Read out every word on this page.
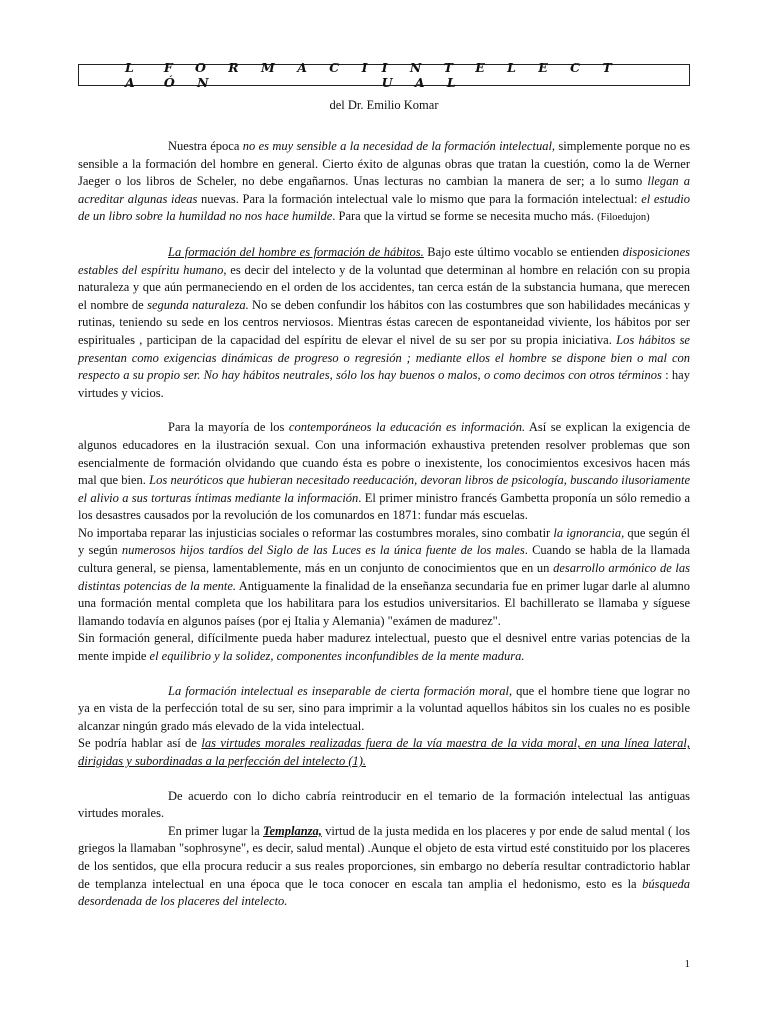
L A
F O R M A C I Ó N
I N T E L E C T U A L
del Dr. Emilio Komar

Nuestra época no es muy sensible a la necesidad de la formación intelectual, simplemente porque no es sensible a la formación del hombre en general. Cierto éxito de algunas obras que tratan la cuestión, como la de Werner Jaeger o los libros de Scheler, no debe engañarnos. Unas lecturas no cambian la manera de ser; a lo sumo llegan a acreditar algunas ideas nuevas. Para la formación intelectual vale lo mismo que para la formación intelectual: el estudio de un libro sobre la humildad no nos hace humilde. Para que la virtud se forme se necesita mucho más. (Filoedujon)

La formación del hombre es formación de hábitos. Bajo este último vocablo se entienden disposiciones estables del espíritu humano, es decir del intelecto y de la voluntad que determinan al hombre en relación con su propia naturaleza y que aún permaneciendo en el orden de los accidentes, tan cerca están de la substancia humana, que merecen el nombre de segunda naturaleza. No se deben confundir los hábitos con las costumbres que son habilidades mecánicas y rutinas, teniendo su sede en los centros nerviosos. Mientras éstas carecen de espontaneidad viviente, los hábitos por ser espirituales , participan de la capacidad del espíritu de elevar el nivel de su ser por su propia iniciativa. Los hábitos se presentan como exigencias dinámicas de progreso o regresión ; mediante ellos el hombre se dispone bien o mal con respecto a su propio ser. No hay hábitos neutrales, sólo los hay buenos o malos, o como decimos con otros términos : hay virtudes y vicios.

Para la mayoría de los contemporáneos la educación es información. Así se explican la exigencia de algunos educadores en la ilustración sexual. Con una información exhaustiva pretenden resolver problemas que son esencialmente de formación olvidando que cuando ésta es pobre o inexistente, los conocimientos excesivos hacen más mal que bien. Los neuróticos que hubieran necesitado reeducación, devoran libros de psicología, buscando ilusoriamente el alivio a sus torturas íntimas mediante la información. El primer ministro francés Gambetta proponía un sólo remedio a los desastres causados por la revolución de los comunardos en 1871: fundar más escuelas.

No importaba reparar las injusticias sociales o reformar las costumbres morales, sino combatir la ignorancia, que según él y según numerosos hijos tardíos del Siglo de las Luces es la única fuente de los males. Cuando se habla de la llamada cultura general, se piensa, lamentablemente, más en un conjunto de conocimientos que en un desarrollo armónico de las distintas potencias de la mente. Antiguamente la finalidad de la enseñanza secundaria fue en primer lugar darle al alumno una formación mental completa que los habilitara para los estudios universitarios. El bachillerato se llamaba y síguese llamando todavía en algunos países (por ej Italia y Alemania) "exámen de madurez".

Sin formación general, difícilmente pueda haber madurez intelectual, puesto que el desnivel entre varias potencias de la mente impide el equilibrio y la solidez, componentes inconfundibles de la mente madura.

La formación intelectual es inseparable de cierta formación moral, que el hombre tiene que lograr no ya en vista de la perfección total de su ser, sino para imprimir a la voluntad aquellos hábitos sin los cuales no es posible alcanzar ningún grado más elevado de la vida intelectual.

Se podría hablar así de las virtudes morales realizadas fuera de la vía maestra de la vida moral, en una línea lateral, dirigidas y subordinadas a la perfección del intelecto (1).

De acuerdo con lo dicho cabría reintroducir en el temario de la formación intelectual las antiguas virtudes morales.

En primer lugar la Templanza, virtud de la justa medida en los placeres y por ende de salud mental ( los griegos la llamaban "sophrosyne", es decir, salud mental) .Aunque el objeto de esta virtud esté constituido por los placeres de los sentidos, que ella procura reducir a sus reales proporciones, sin embargo no debería resultar contradictorio hablar de templanza intelectual en una época que le toca conocer en escala tan amplia el hedonismo, esto es la búsqueda desordenada de los placeres del intelecto.

1
